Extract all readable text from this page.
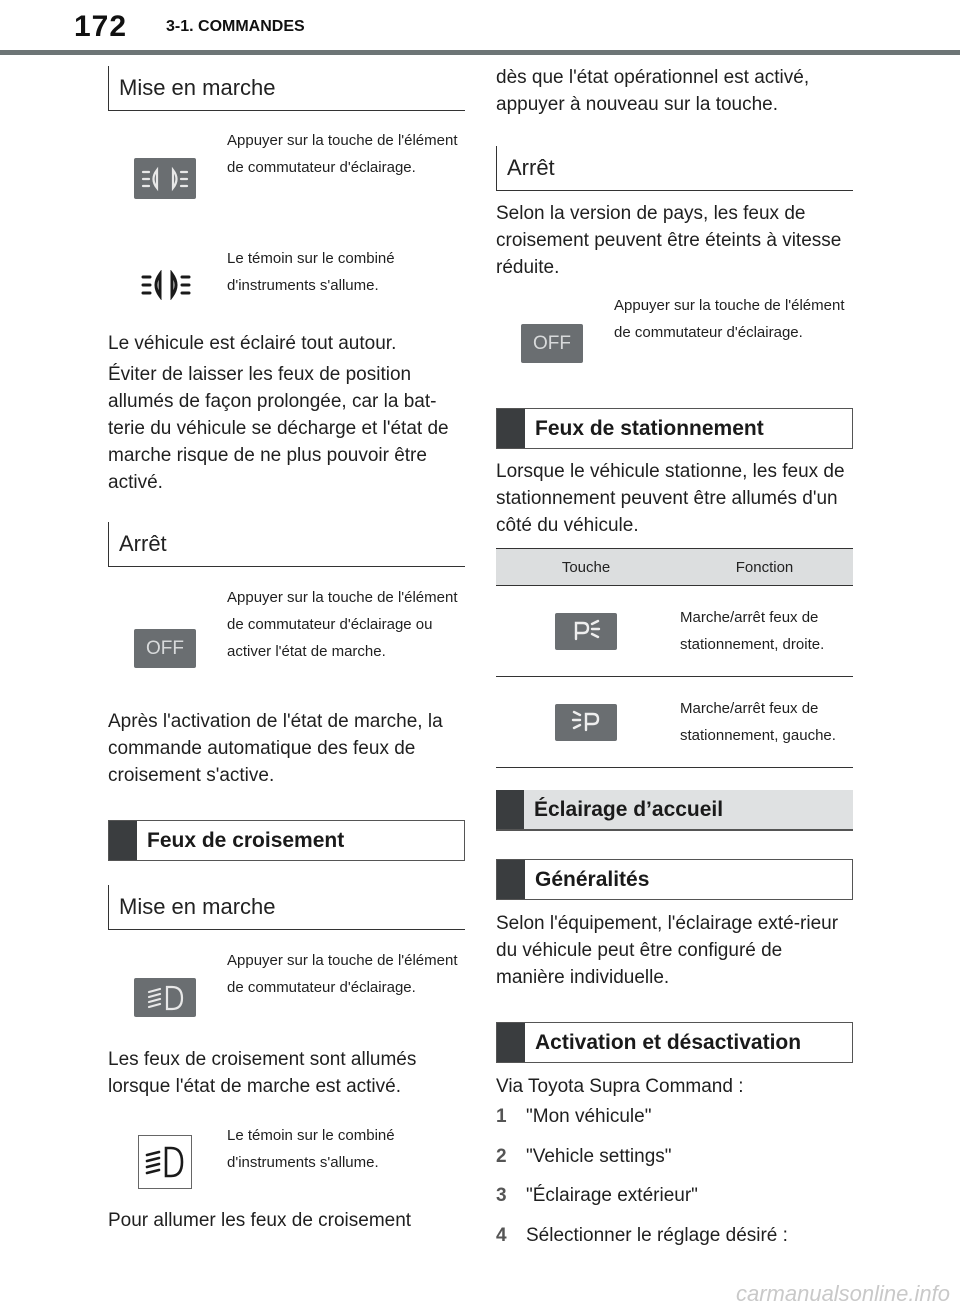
172 3-1. COMMANDES
Mise en marche
Appuyer sur la touche de l'élément de commutateur d'éclairage.
Le témoin sur le combiné d'instruments s'allume.
Le véhicule est éclairé tout autour.
Éviter de laisser les feux de position allumés de façon prolongée, car la bat-terie du véhicule se décharge et l'état de marche risque de ne plus pouvoir être activé.
Arrêt
OFF
Appuyer sur la touche de l'élément de commutateur d'éclairage ou activer l'état de marche.
Après l'activation de l'état de marche, la commande automatique des feux de croisement s'active.
Feux de croisement
Mise en marche
Appuyer sur la touche de l'élément de commutateur d'éclairage.
Les feux de croisement sont allumés lorsque l'état de marche est activé.
Le témoin sur le combiné d'instruments s'allume.
Pour allumer les feux de croisement
dès que l'état opérationnel est activé, appuyer à nouveau sur la touche.
Arrêt
Selon la version de pays, les feux de croisement peuvent être éteints à vitesse réduite.
OFF
Appuyer sur la touche de l'élément de commutateur d'éclairage.
Feux de stationnement
Lorsque le véhicule stationne, les feux de stationnement peuvent être allumés d'un côté du véhicule.
Touche	Fonction

	Marche/arrêt feux de stationnement, droite.

	Marche/arrêt feux de stationnement, gauche.
Éclairage d’accueil
Généralités
Selon l'équipement, l'éclairage exté-rieur du véhicule peut être configuré de manière individuelle.
Activation et désactivation
Via Toyota Supra Command :
1 "Mon véhicule"
2 "Vehicle settings"
3 "Éclairage extérieur"
4 Sélectionner le réglage désiré :
carmanualsonline.info
